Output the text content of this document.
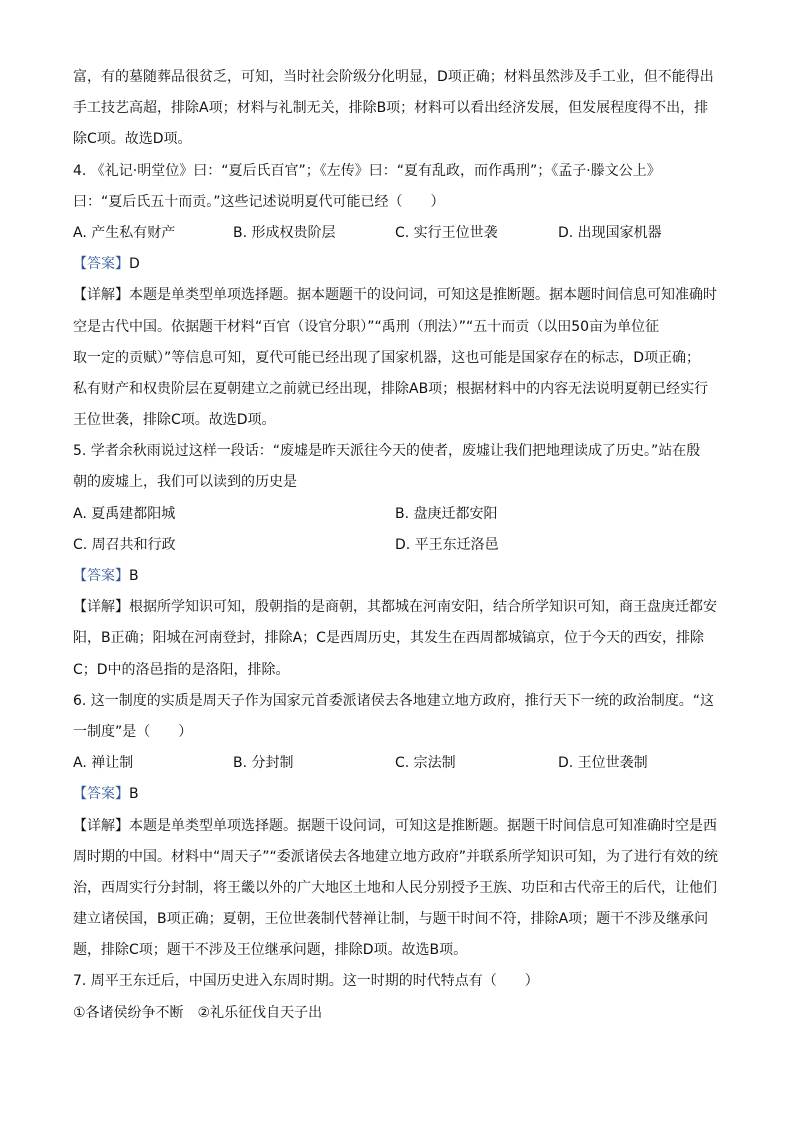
富，有的墓随葬品很贫乏，可知，当时社会阶级分化明显，D项正确；材料虽然涉及手工业，但不能得出
手工技艺高超，排除A项；材料与礼制无关，排除B项；材料可以看出经济发展，但发展程度得不出，排
除C项。故选D项。
4. 《礼记·明堂位》曰：“夏后氏百官”；《左传》曰：“夏有乱政，而作禹刑”；《孟子·滕文公上》
曰：“夏后氏五十而贡。”这些记述说明夏代可能已经（　　）
A. 产生私有财产	B. 形成权贵阶层	C. 实行王位世袭	D. 出现国家机器
【答案】D
【详解】本题是单类型单项选择题。据本题题干的设问词，可知这是推断题。据本题时间信息可知准确时
空是古代中国。依据题干材料“百官（设官分职）”“禹刑（刑法）”“五十而贡（以田50亩为单位征
取一定的贡赋）”等信息可知，夏代可能已经出现了国家机器，这也可能是国家存在的标志，D项正确；
私有财产和权贵阶层在夏朝建立之前就已经出现，排除AB项；根据材料中的内容无法说明夏朝已经实行
王位世袭，排除C项。故选D项。
5. 学者余秋雨说过这样一段话：“废墟是昨天派往今天的使者，废墟让我们把地理读成了历史。”站在殷
朝的废墟上，我们可以读到的历史是
A. 夏禹建都阳城	B. 盘庚迁都安阳
C. 周召共和行政	D. 平王东迁洛邑
【答案】B
【详解】根据所学知识可知，殷朝指的是商朝，其都城在河南安阳，结合所学知识可知，商王盘庚迁都安
阳，B正确；阳城在河南登封，排除A；C是西周历史，其发生在西周都城镐京，位于今天的西安，排除
C；D中的洛邑指的是洛阳，排除。
6. 这一制度的实质是周天子作为国家元首委派诸侯去各地建立地方政府，推行天下一统的政治制度。“这
一制度”是（　　）
A. 禅让制	B. 分封制	C. 宗法制	D. 王位世袭制
【答案】B
【详解】本题是单类型单项选择题。据题干设问词，可知这是推断题。据题干时间信息可知准确时空是西
周时期的中国。材料中“周天子”“委派诸侯去各地建立地方政府”并联系所学知识可知，为了进行有效的统
治，西周实行分封制，将王畿以外的广大地区土地和人民分别授予王族、功臣和古代帝王的后代，让他们
建立诸侯国，B项正确；夏朝，王位世袭制代替禅让制，与题干时间不符，排除A项；题干不涉及继承问
题，排除C项；题干不涉及王位继承问题，排除D项。故选B项。
7. 周平王东迁后，中国历史进入东周时期。这一时期的时代特点有（　　）
①各诸侯纷争不断　②礼乐征伐自天子出
